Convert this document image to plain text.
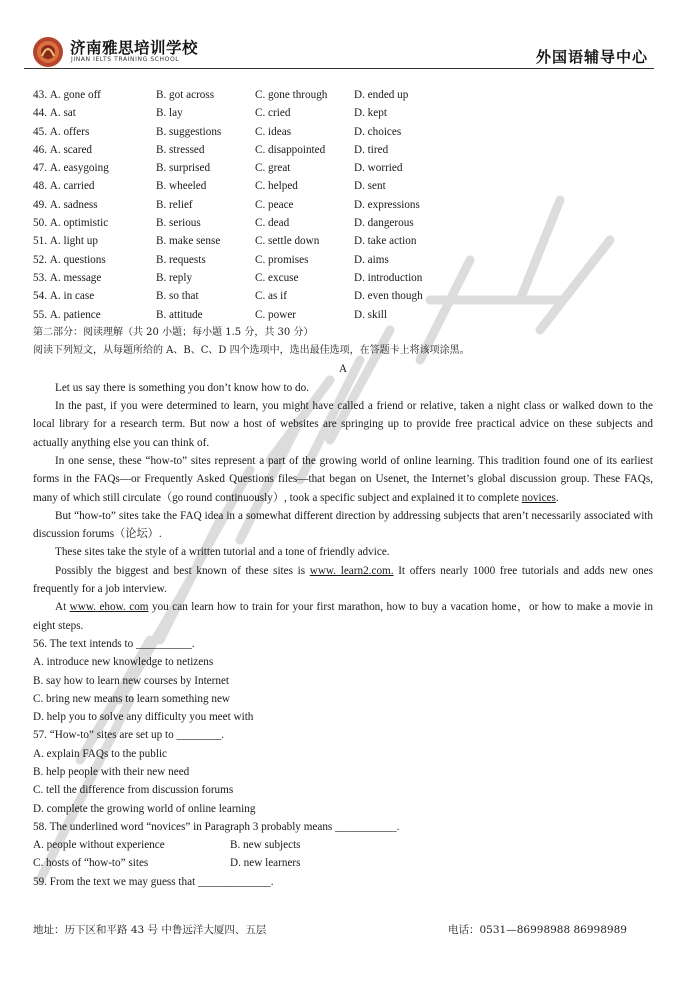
济南雅思培训学校
JINAN IELTS TRAINING SCHOOL	外国语辅导中心
43. A. gone off	B. got across	C. gone through	D. ended up
44. A. sat	B. lay	C. cried	D. kept
45. A. offers	B. suggestions	C. ideas	D. choices
46. A. scared	B. stressed	C. disappointed	D. tired
47. A. easygoing	B. surprised	C. great	D. worried
48. A. carried	B. wheeled	C. helped	D. sent
49. A. sadness	B. relief	C. peace	D. expressions
50. A. optimistic	B. serious	C. dead	D. dangerous
51. A. light up	B. make sense	C. settle down	D. take action
52. A. questions	B. requests	C. promises	D. aims
53. A. message	B. reply	C. excuse	D. introduction
54. A. in case	B. so that	C. as if	D. even though
55. A. patience	B. attitude	C. power	D. skill
第二部分：阅读理解（共 20 小题；每小题 1.5 分，共 30 分）
阅读下列短文，从每题所给的 A、B、C、D 四个选项中，选出最佳选项，在答题卡上将该项涂黑。
A
Let us say there is something you don’t know how to do.
In the past, if you were determined to learn, you might have called a friend or relative, taken a night class or walked down to the local library for a research term. But now a host of websites are springing up to provide free practical advice on these subjects and actually anything else you can think of.
In one sense, these “how-to” sites represent a part of the growing world of online learning. This tradition found one of its earliest forms in the FAQs—or Frequently Asked Questions files—that began on Usenet, the Internet’s global discussion group. These FAQs, many of which still circulate（go round continuously）, took a specific subject and explained it to complete novices.
But “how-to” sites take the FAQ idea in a somewhat different direction by addressing subjects that aren’t necessarily associated with discussion forums（论坛）.
These sites take the style of a written tutorial and a tone of friendly advice.
Possibly the biggest and best known of these sites is www. learn2.com. It offers nearly 1000 free tutorials and adds new ones frequently for a job interview.
At www. ehow. com you can learn how to train for your first marathon, how to buy a vacation home，or how to make a movie in eight steps.
56. The text intends to __________.
A. introduce new knowledge to netizens
B. say how to learn new courses by Internet
C. bring new means to learn something new
D. help you to solve any difficulty you meet with
57. “How-to” sites are set up to ________.
A. explain FAQs to the public
B. help people with their new need
C. tell the difference from discussion forums
D. complete the growing world of online learning
58. The underlined word “novices” in Paragraph 3 probably means ___________.
A. people without experience	B. new subjects
C. hosts of “how-to” sites	D. new learners
59. From the text we may guess that _____________.
地址：历下区和平路 43 号 中鲁远洋大厦四、五层	电话：0531—86998988 86998989
